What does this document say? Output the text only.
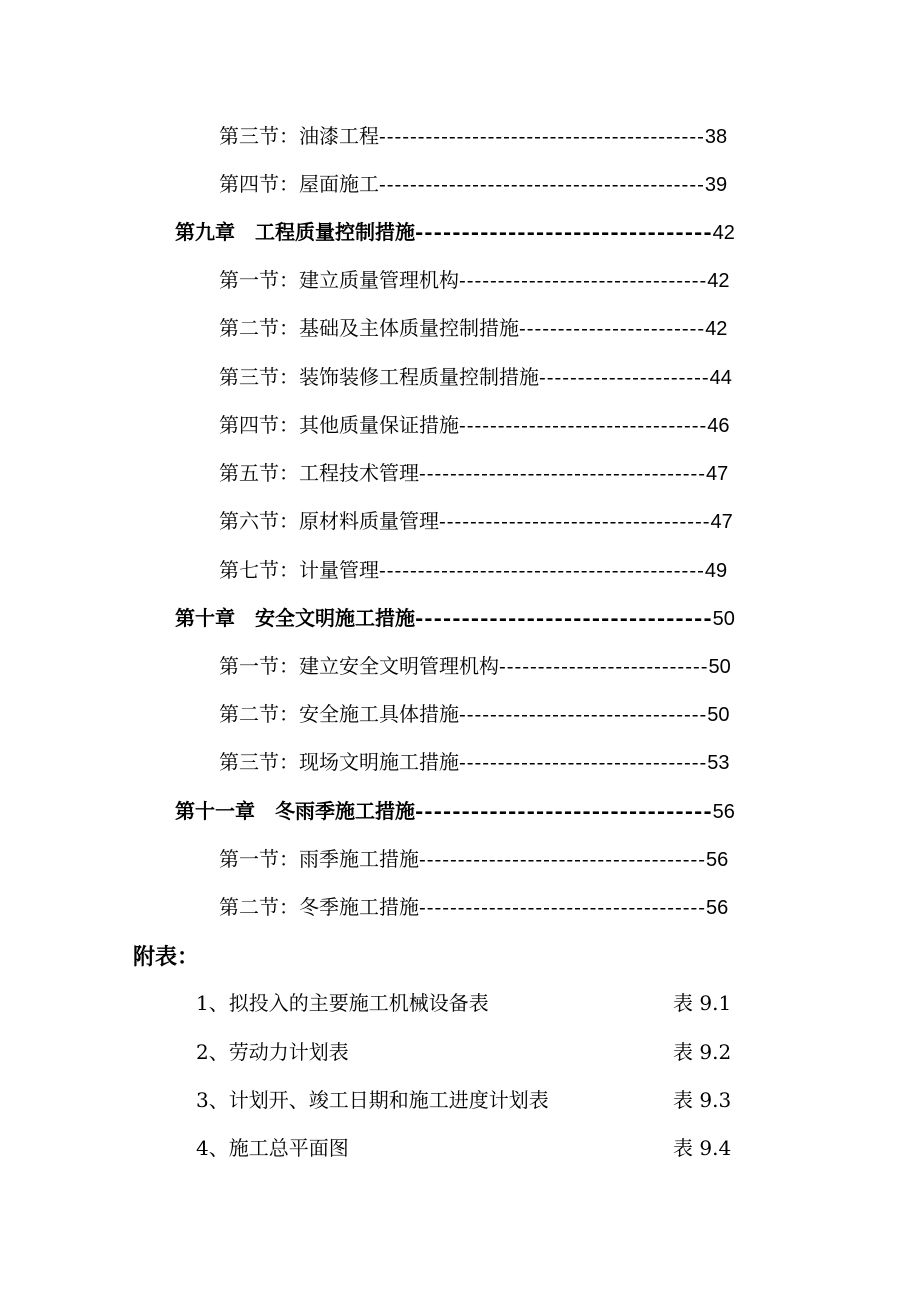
第三节：油漆工程------------------------------------------38
第四节：屋面施工------------------------------------------39
第九章　工程质量控制措施--------------------------------42
第一节：建立质量管理机构--------------------------------42
第二节：基础及主体质量控制措施------------------------42
第三节：装饰装修工程质量控制措施----------------------44
第四节：其他质量保证措施--------------------------------46
第五节：工程技术管理-------------------------------------47
第六节：原材料质量管理-----------------------------------47
第七节：计量管理------------------------------------------49
第十章　安全文明施工措施--------------------------------50
第一节：建立安全文明管理机构---------------------------50
第二节：安全施工具体措施--------------------------------50
第三节：现场文明施工措施--------------------------------53
第十一章　冬雨季施工措施--------------------------------56
第一节：雨季施工措施-------------------------------------56
第二节：冬季施工措施-------------------------------------56
附表：
1、拟投入的主要施工机械设备表	表 9.1
2、劳动力计划表	表 9.2
3、计划开、竣工日期和施工进度计划表	表 9.3
4、施工总平面图	表 9.4
